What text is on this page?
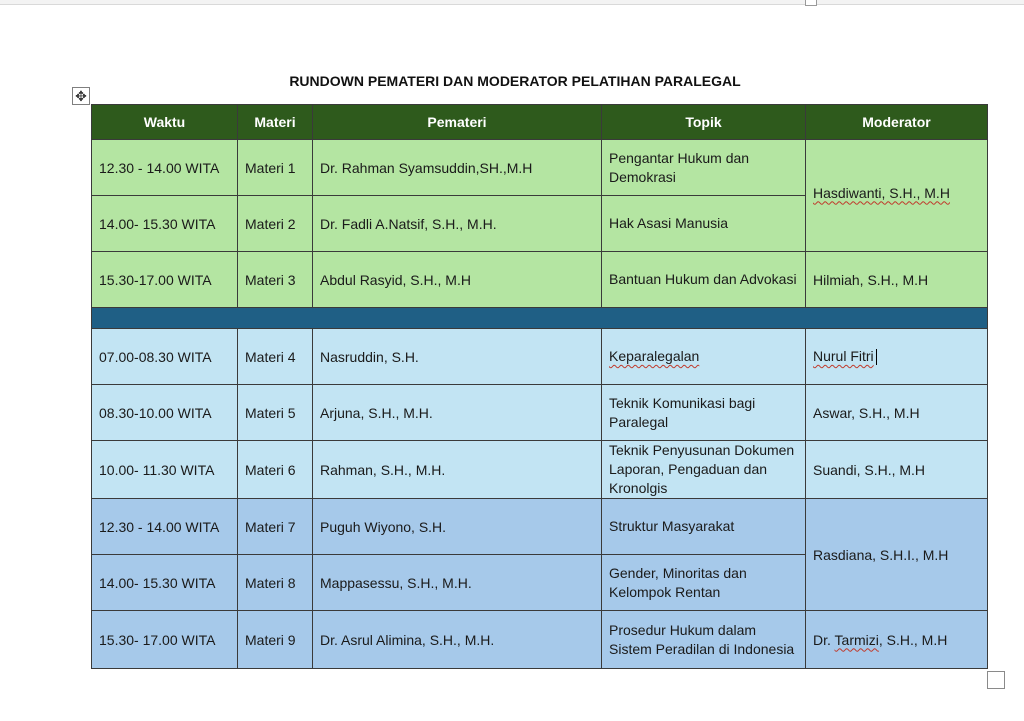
RUNDOWN PEMATERI DAN MODERATOR PELATIHAN PARALEGAL
✥
Waktu	Materi	Pemateri	Topik	Moderator
12.30 - 14.00 WITA	Materi 1	Dr. Rahman Syamsuddin,SH.,M.H	Pengantar Hukum dan Demokrasi	Hasdiwanti, S.H., M.H
14.00- 15.30 WITA	Materi 2	Dr. Fadli A.Natsif, S.H., M.H.	Hak Asasi Manusia	
15.30-17.00 WITA	Materi 3	Abdul Rasyid, S.H., M.H	Bantuan Hukum dan Advokasi	Hilmiah, S.H., M.H

07.00-08.30 WITA	Materi 4	Nasruddin, S.H.	Keparalegalan	Nurul Fitri
08.30-10.00 WITA	Materi 5	Arjuna, S.H., M.H.	Teknik Komunikasi bagi Paralegal	Aswar, S.H., M.H
10.00- 11.30 WITA	Materi 6	Rahman, S.H., M.H.	Teknik Penyusunan Dokumen Laporan, Pengaduan dan Kronolgis	Suandi, S.H., M.H
12.30 - 14.00 WITA	Materi 7	Puguh Wiyono, S.H.	Struktur Masyarakat	Rasdiana, S.H.I., M.H
14.00- 15.30 WITA	Materi 8	Mappasessu, S.H., M.H.	Gender, Minoritas dan Kelompok Rentan	
15.30- 17.00 WITA	Materi 9	Dr. Asrul Alimina, S.H., M.H.	Prosedur Hukum dalam Sistem Peradilan di Indonesia	Dr. Tarmizi, S.H., M.H
